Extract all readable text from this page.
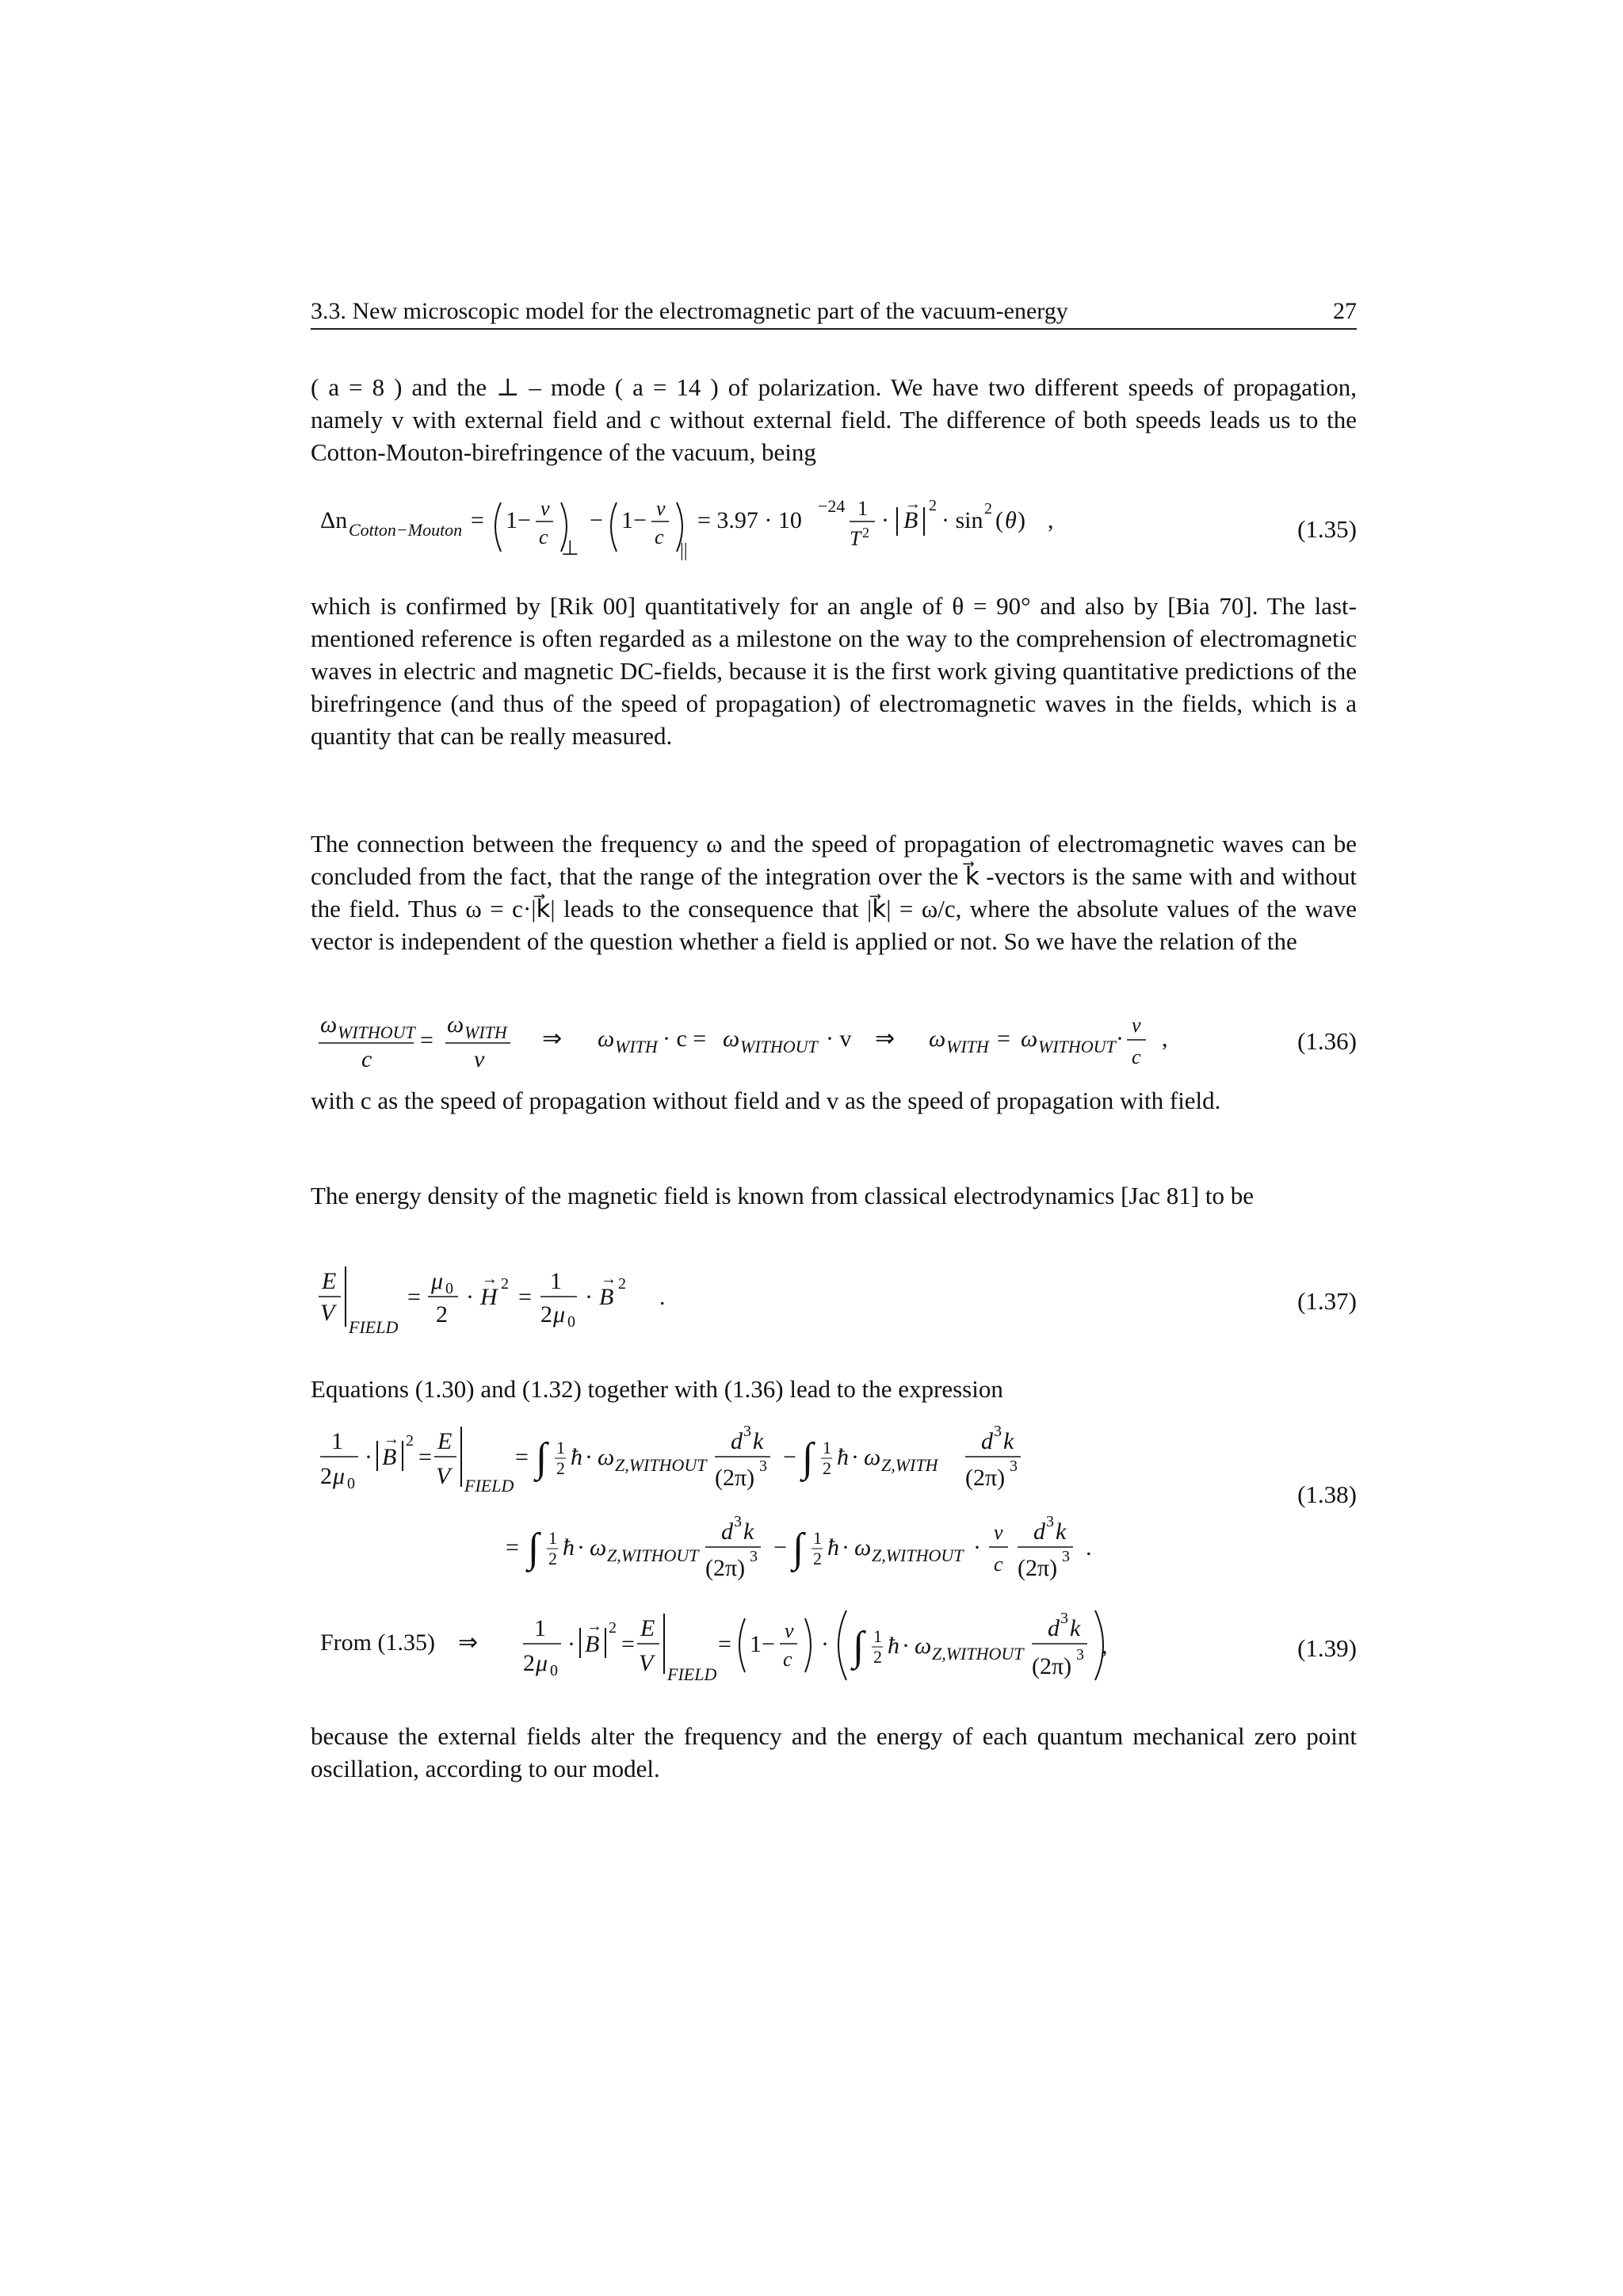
3.3. New microscopic model for the electromagnetic part of the vacuum-energy	27

( a = 8 ) and the ⊥ – mode ( a = 14 ) of polarization. We have two different speeds of propagation, namely v with external field and c without external field. The difference of both speeds leads us to the Cotton-Mouton-birefringence of the vacuum, being

Δn Cotton−Mouton = 1− v
c ⊥
− 1− v
c
||
= 3.97 · 10
−24 1
T 2 · B
→ 2
· sin 2 ( θ ) ,	(1.35)

which is confirmed by [Rik 00] quantitatively for an angle of θ = 90° and also by [Bia 70]. The last-mentioned reference is often regarded as a milestone on the way to the comprehension of electromagnetic waves in electric and magnetic DC-fields, because it is the first work giving quantitative predictions of the birefringence (and thus of the speed of propagation) of electromagnetic waves in the fields, which is a quantity that can be really measured.

The connection between the frequency ω and the speed of propagation of electromagnetic waves can be concluded from the fact, that the range of the integration over the k⃗ -vectors is the same with and without the field. Thus ω = c·|k⃗| leads to the consequence that |k⃗| = ω/c, where the absolute values of the wave vector is independent of the question whether a field is applied or not. So we have the relation of the

ω WITHOUT
c
=
ω WITH
v
⇒ ω WITH · c = ω WITHOUT · v ⇒ ω WITH = ω WITHOUT ·
v
c
,	(1.36)

with c as the speed of propagation without field and v as the speed of propagation with field.

The energy density of the magnetic field is known from classical electrodynamics [Jac 81] to be

E
V
FIELD
=
μ 0
2
· H
→ 2 =
1
2 μ 0
· B
→ 2 .	(1.37)

Equations (1.30) and (1.32) together with (1.36) lead to the expression

1
2 μ 0
· B
→ 2
=
E
V FIELD
= ∫ 1
2 ħ · ω Z,WITHOUT
d 3 k
(2π) 3 − ∫ 1
2 ħ · ω Z,WITH
d 3 k
(2π) 3
= ∫ 1
2 ħ · ω Z,WITHOUT
d 3 k
(2π) 3 − ∫ 1
2 ħ · ω Z,WITHOUT ·
v
c
d 3 k
(2π) 3 .
(1.38)
From (1.35) ⇒
1
2 μ 0
· B
→ 2
=
E
V FIELD
= 1−
v
c
· ∫ 1
2 ħ · ω Z,WITHOUT
d 3 k
(2π) 3 ,	(1.39)

because the external fields alter the frequency and the energy of each quantum mechanical zero point oscillation, according to our model.
